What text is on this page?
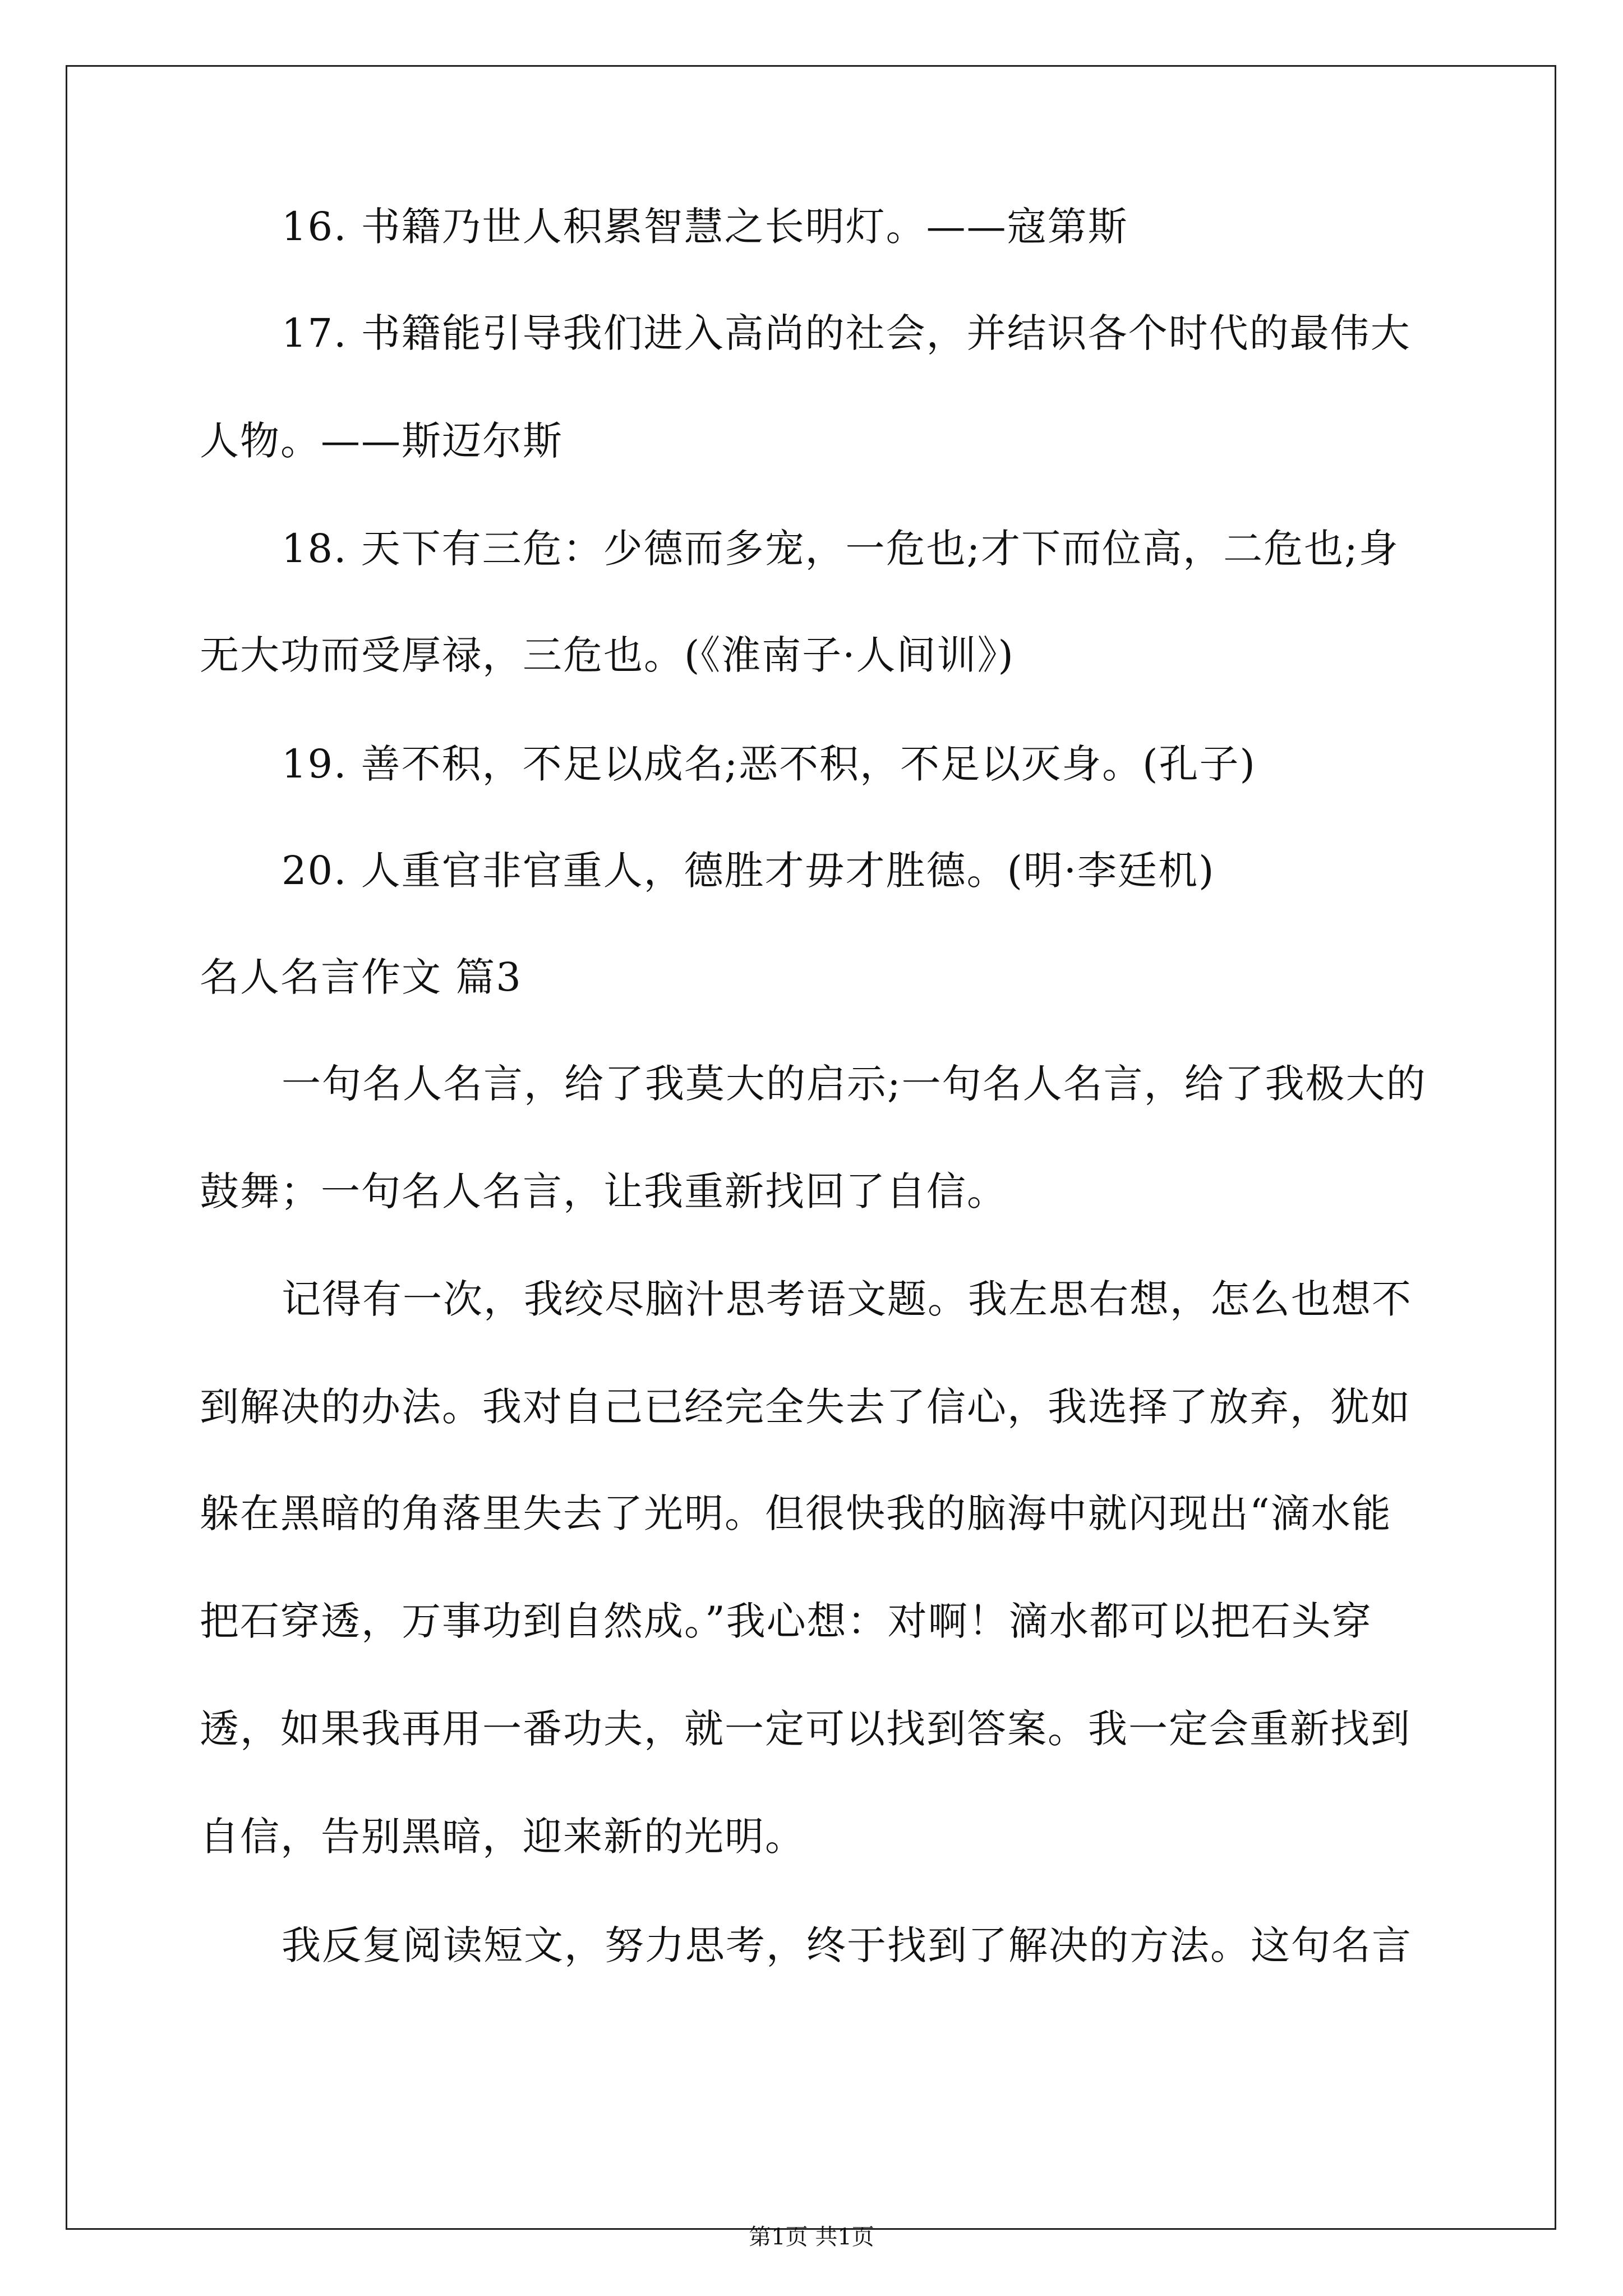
16. 书籍乃世人积累智慧之长明灯。——寇第斯
17. 书籍能引导我们进入高尚的社会，并结识各个时代的最伟大
人物。——斯迈尔斯
18. 天下有三危：少德而多宠，一危也;才下而位高，二危也;身
无大功而受厚禄，三危也。(《淮南子·人间训》)
19. 善不积，不足以成名;恶不积，不足以灭身。(孔子)
20. 人重官非官重人，德胜才毋才胜德。(明·李廷机)
名人名言作文 篇3
一句名人名言，给了我莫大的启示;一句名人名言，给了我极大的
鼓舞；一句名人名言，让我重新找回了自信。
记得有一次，我绞尽脑汁思考语文题。我左思右想，怎么也想不
到解决的办法。我对自己已经完全失去了信心，我选择了放弃，犹如
躲在黑暗的角落里失去了光明。但很快我的脑海中就闪现出“滴水能
把石穿透，万事功到自然成。”我心想：对啊！滴水都可以把石头穿
透，如果我再用一番功夫，就一定可以找到答案。我一定会重新找到
自信，告别黑暗，迎来新的光明。
我反复阅读短文，努力思考，终于找到了解决的方法。这句名言
第1页 共1页
